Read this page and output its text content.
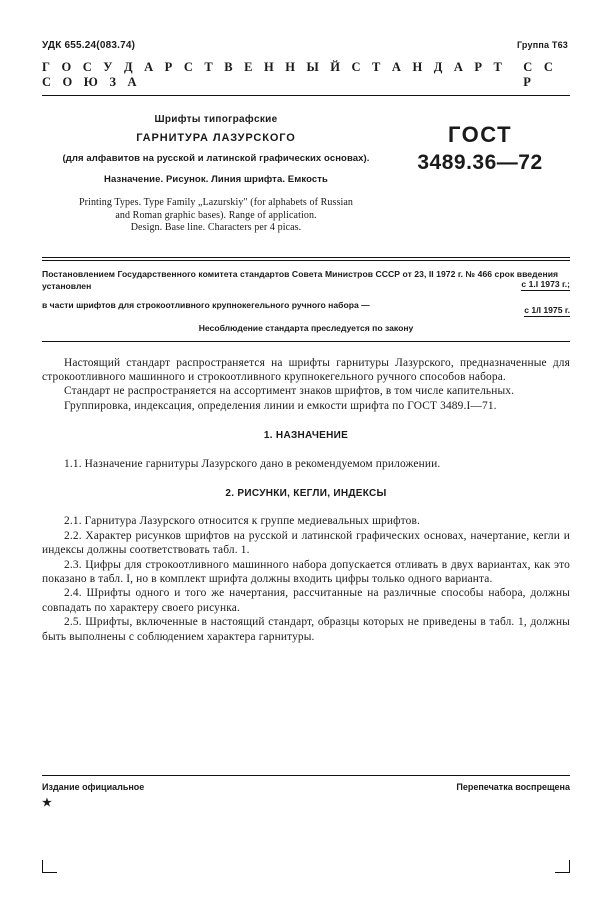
УДК 655.24(083.74)	Группа Т63
Г О С У Д А Р С Т В Е Н Н Ы Й С Т А Н Д А Р Т С О Ю З А
С С Р
Шрифты типографские
ГАРНИТУРА ЛАЗУРСКОГО
(для алфавитов на русской и латинской графических основах).
Назначение. Рисунок. Линия шрифта. Емкость
Printing Types. Type Family „Lazurskiy" (for alphabets of Russian
and Roman graphic bases). Range of application.
Design. Base line. Characters per 4 picas.
ГОСТ
3489.36—72
Постановлением Государственного комитета стандартов Совета Министров СССР от 23, II 1972 г. № 466 срок введения
установлен
в части шрифтов для строкоотливного крупнокегельного ручного набора —
с 1.I 1973 г.;
с 1/I 1975 г.
Несоблюдение стандарта преследуется по закону

Настоящий стандарт распространяется на шрифты гарнитуры Лазурского, предназначенные для строкоотливного машинного и строкоотливного крупнокегельного ручного способов набора.

Стандарт не распространяется на ассортимент знаков шрифтов, в том числе капительных.

Группировка, индексация, определения линии и емкости шрифта по ГОСТ 3489.I—71.

1. НАЗНАЧЕНИЕ

1.1. Назначение гарнитуры Лазурского дано в рекомендуемом приложении.

2. РИСУНКИ, КЕГЛИ, ИНДЕКСЫ

2.1. Гарнитура Лазурского относится к группе медиевальных шрифтов.

2.2. Характер рисунков шрифтов на русской и латинской графических основах, начертание, кегли и индексы должны соответствовать табл. 1.

2.3. Цифры для строкоотливного машинного набора допускается отливать в двух вариантах, как это показано в табл. I, но в комплект шрифта должны входить цифры только одного варианта.

2.4. Шрифты одного и того же начертания, рассчитанные на различные способы набора, должны совпадать по характеру своего рисунка.

2.5. Шрифты, включенные в настоящий стандарт, образцы которых не приведены в табл. 1, должны быть выполнены с соблюдением характера гарнитуры.

Издание официальное
★
Перепечатка воспрещена
